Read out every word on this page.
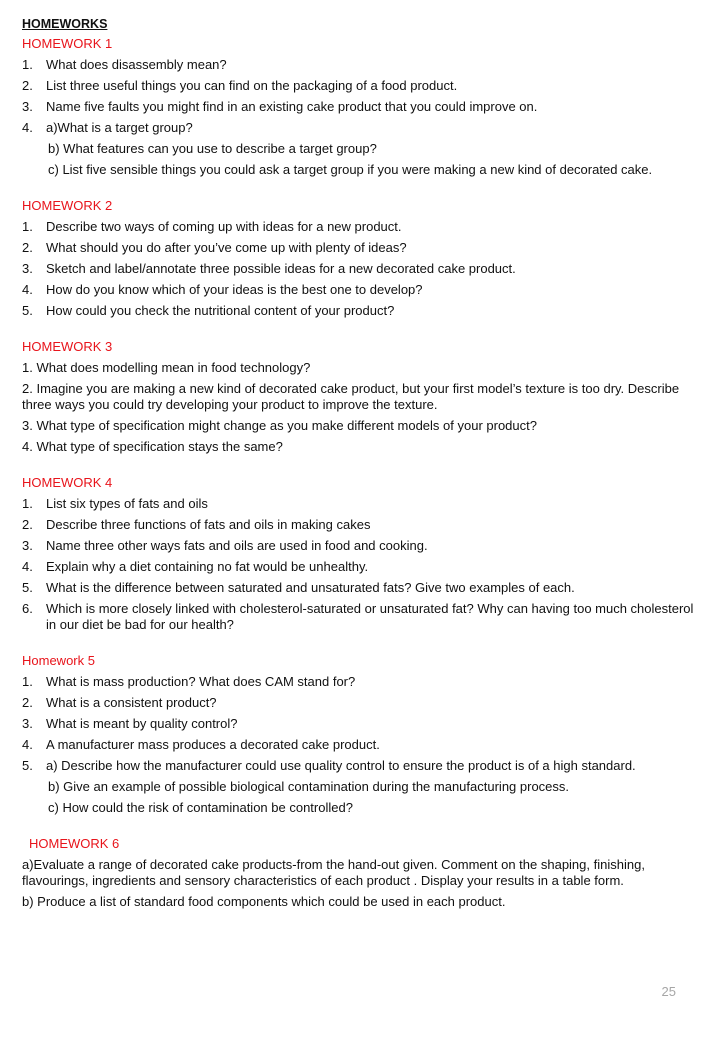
HOMEWORKS
HOMEWORK 1
1.	What does disassembly mean?
2.	List three useful things you can find on the packaging of a food product.
3.	Name five faults you might find in an existing cake product that you could improve on.
4.	a)What is a target group?
b) What features can you use to describe a target group?
c) List five sensible things you could ask a target group if you were making a new kind of decorated cake.
HOMEWORK 2
1.	Describe two ways of coming up with ideas for a new product.
2.	What should you do after you’ve come up with plenty of ideas?
3.	Sketch and label/annotate three possible ideas for a new decorated cake product.
4.	How do you know which of your ideas is the best one to develop?
5.	How could you check the nutritional content of your product?
HOMEWORK 3
1. What does modelling mean in food technology?
2. Imagine you are making a new kind of decorated cake product, but your first model’s texture is too dry. Describe three ways you could try developing your product to improve the texture.
3. What type of specification might change as you make different models of your product?
4. What type of specification stays the same?
HOMEWORK 4
1.	List six types of fats and oils
2.	Describe three functions of fats and oils in making cakes
3.	Name three other ways fats and oils are used in food and cooking.
4.	Explain why a diet containing no fat would be unhealthy.
5.	What is the difference between saturated and unsaturated fats? Give two examples of each.
6.	Which is more closely linked with cholesterol-saturated or unsaturated fat? Why can having too much cholesterol in our diet be bad for our health?
Homework 5
1.	What is mass production? What does CAM stand for?
2.	What is a consistent product?
3.	What is meant by quality control?
4.	A manufacturer mass produces a decorated cake product.
5.	a) Describe how the manufacturer could use quality control to ensure the product is of a high standard.
b) Give an example of possible biological contamination during the manufacturing process.
c) How could the risk of contamination be controlled?
HOMEWORK 6
a)Evaluate a range of decorated cake products-from the hand-out given. Comment on the shaping, finishing, flavourings, ingredients and sensory characteristics of each product . Display your results in a table form.
b) Produce a list of standard food components which could be used in each product.
25
